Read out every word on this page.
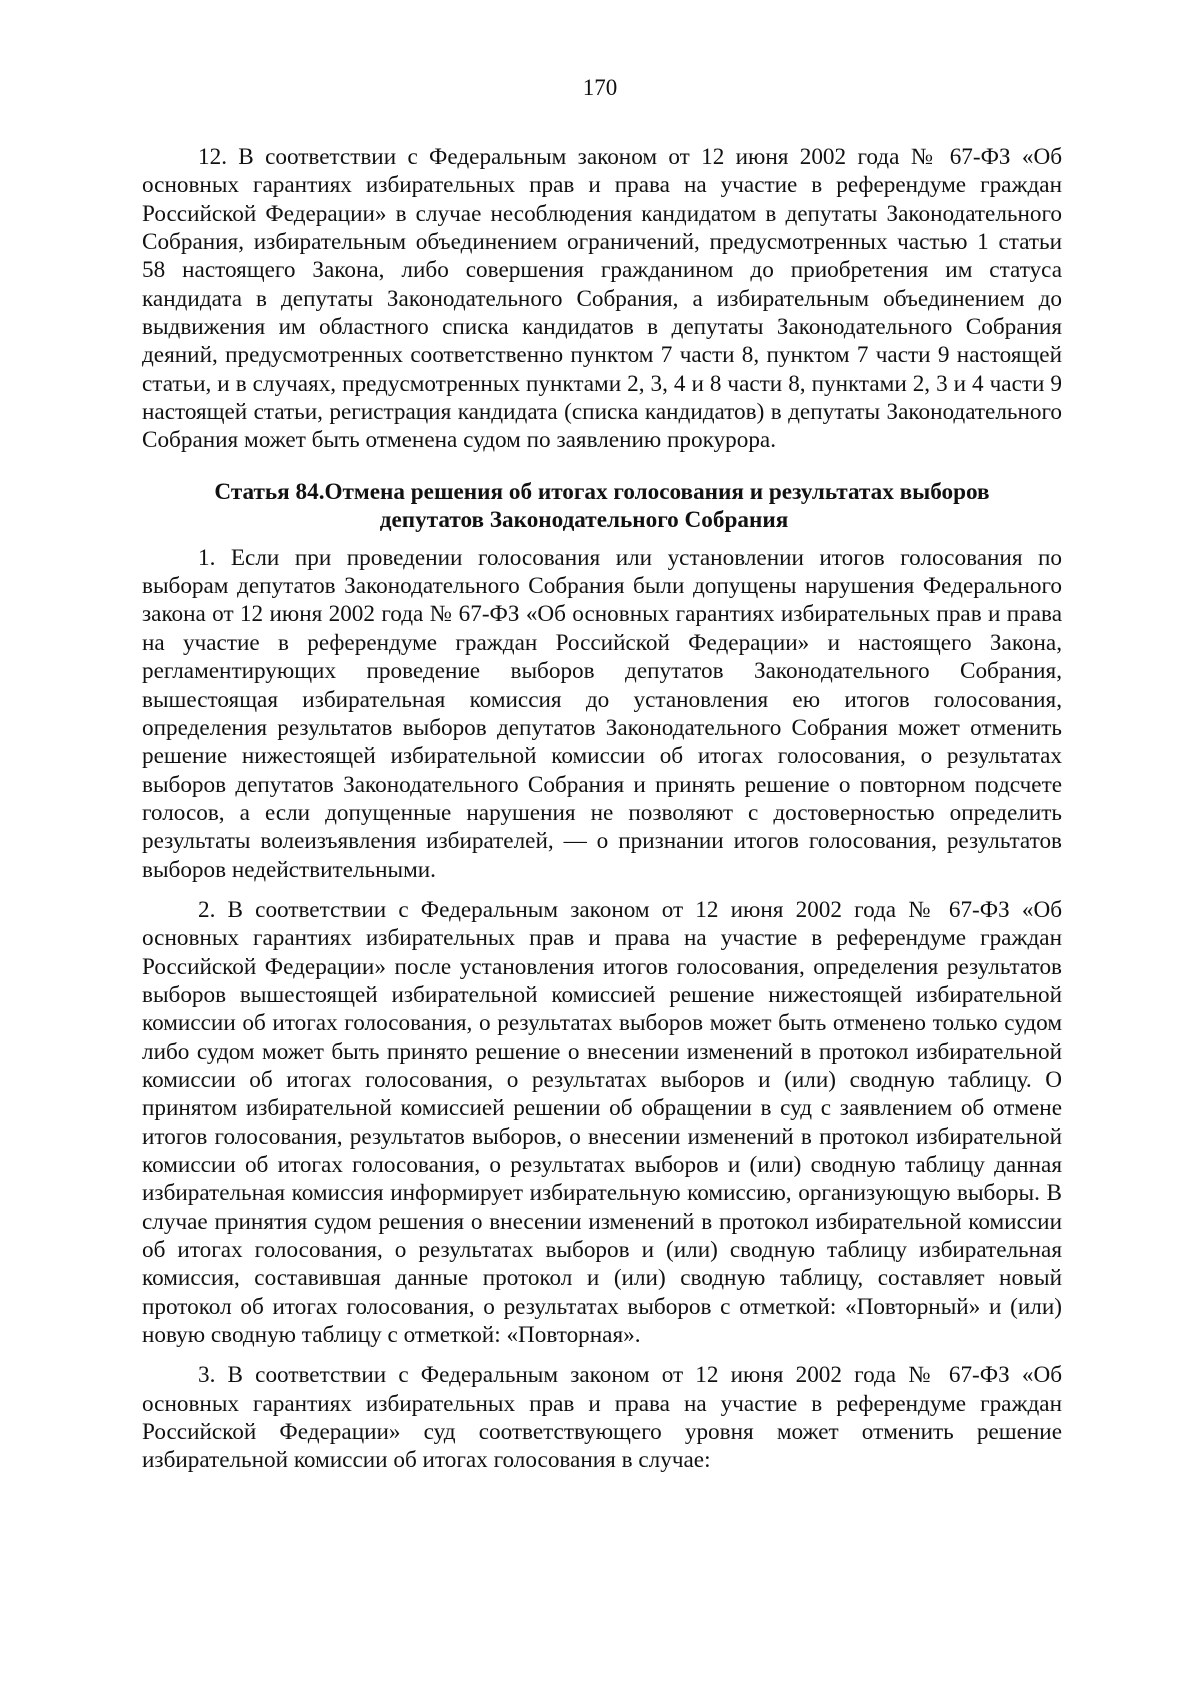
170

12. В соответствии с Федеральным законом от 12 июня 2002 года № 67-ФЗ «Об основных гарантиях избирательных прав и права на участие в референдуме граждан Российской Федерации» в случае несоблюдения кандидатом в депутаты Законодательного Собрания, избирательным объединением ограничений, предусмотренных частью 1 статьи 58 настоящего Закона, либо совершения гражданином до приобретения им статуса кандидата в депутаты Законодательного Собрания, а избирательным объединением до выдвижения им областного списка кандидатов в депутаты Законодательного Собрания деяний, предусмотренных соответственно пунктом 7 части 8, пунктом 7 части 9 настоящей статьи, и в случаях, предусмотренных пунктами 2, 3, 4 и 8 части 8, пунктами 2, 3 и 4 части 9 настоящей статьи, регистрация кандидата (списка кандидатов) в депутаты Законодательного Собрания может быть отменена судом по заявлению прокурора.

Статья 84.Отмена решения об итогах голосования и результатах выборов
депутатов Законодательного Собрания

1. Если при проведении голосования или установлении итогов голосования по выборам депутатов Законодательного Собрания были допущены нарушения Федерального закона от 12 июня 2002 года № 67-ФЗ «Об основных гарантиях избирательных прав и права на участие в референдуме граждан Российской Федерации» и настоящего Закона, регламентирующих проведение выборов депутатов Законодательного Собрания, вышестоящая избирательная комиссия до установления ею итогов голосования, определения результатов выборов депутатов Законодательного Собрания может отменить решение нижестоящей избирательной комиссии об итогах голосования, о результатах выборов депутатов Законодательного Собрания и принять решение о повторном подсчете голосов, а если допущенные нарушения не позволяют с достоверностью определить результаты волеизъявления избирателей, — о признании итогов голосования, результатов выборов недействительными.

2. В соответствии с Федеральным законом от 12 июня 2002 года № 67-ФЗ «Об основных гарантиях избирательных прав и права на участие в референдуме граждан Российской Федерации» после установления итогов голосования, определения результатов выборов вышестоящей избирательной комиссией решение нижестоящей избирательной комиссии об итогах голосования, о результатах выборов может быть отменено только судом либо судом может быть принято решение о внесении изменений в протокол избирательной комиссии об итогах голосования, о результатах выборов и (или) сводную таблицу. О принятом избирательной комиссией решении об обращении в суд с заявлением об отмене итогов голосования, результатов выборов, о внесении изменений в протокол избирательной комиссии об итогах голосования, о результатах выборов и (или) сводную таблицу данная избирательная комиссия информирует избирательную комиссию, организующую выборы. В случае принятия судом решения о внесении изменений в протокол избирательной комиссии об итогах голосования, о результатах выборов и (или) сводную таблицу избирательная комиссия, составившая данные протокол и (или) сводную таблицу, составляет новый протокол об итогах голосования, о результатах выборов с отметкой: «Повторный» и (или) новую сводную таблицу с отметкой: «Повторная».

3. В соответствии с Федеральным законом от 12 июня 2002 года № 67-ФЗ «Об основных гарантиях избирательных прав и права на участие в референдуме граждан Российской Федерации» суд соответствующего уровня может отменить решение избирательной комиссии об итогах голосования в случае:
